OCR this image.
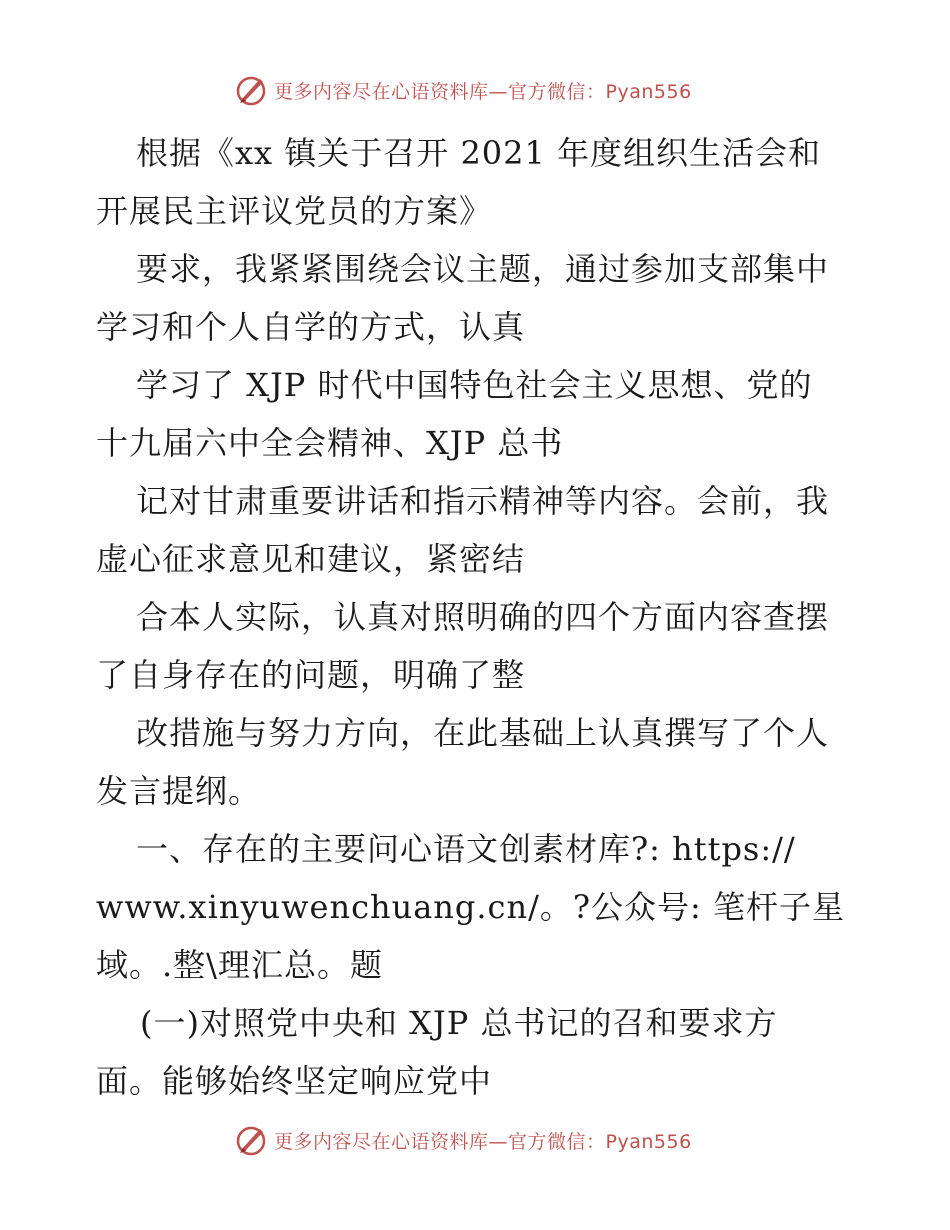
更多内容尽在心语资料库—官方微信：Pyan556
根据《xx 镇关于召开 2021 年度组织生活会和
开展民主评议党员的方案》
要求，我紧紧围绕会议主题，通过参加支部集中
学习和个人自学的方式，认真
学习了 XJP 时代中国特色社会主义思想、党的
十九届六中全会精神、XJP 总书
记对甘肃重要讲话和指示精神等内容。会前，我
虚心征求意见和建议，紧密结
合本人实际，认真对照明确的四个方面内容查摆
了自身存在的问题，明确了整
改措施与努力方向，在此基础上认真撰写了个人
发言提纲。
一、存在的主要问心语文创素材库?: https://
www.xinyuwenchuang.cn/。?公众号: 笔杆子星
域。.整\理汇总。题
(一)对照党中央和 XJP 总书记的召和要求方
面。能够始终坚定响应党中
更多内容尽在心语资料库—官方微信：Pyan556
